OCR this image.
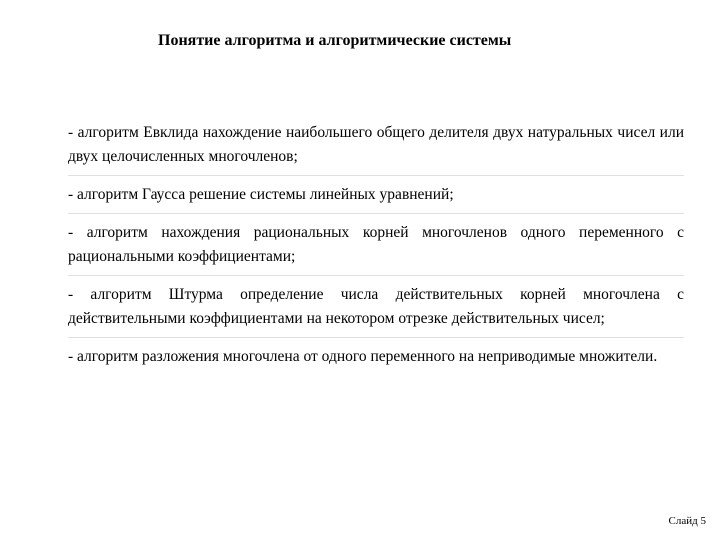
Понятие алгоритма и алгоритмические системы

- алгоритм Евклида нахождение наибольшего общего делителя двух натуральных чисел или двух целочисленных многочленов;

- алгоритм Гаусса решение системы линейных уравнений;

- алгоритм нахождения рациональных корней многочленов одного переменного с рациональными коэффициентами;

- алгоритм Штурма определение числа действительных корней многочлена с действительными коэффициентами на некотором отрезке действительных чисел;

- алгоритм разложения многочлена от одного переменного на неприводимые множители.

Слайд 5
